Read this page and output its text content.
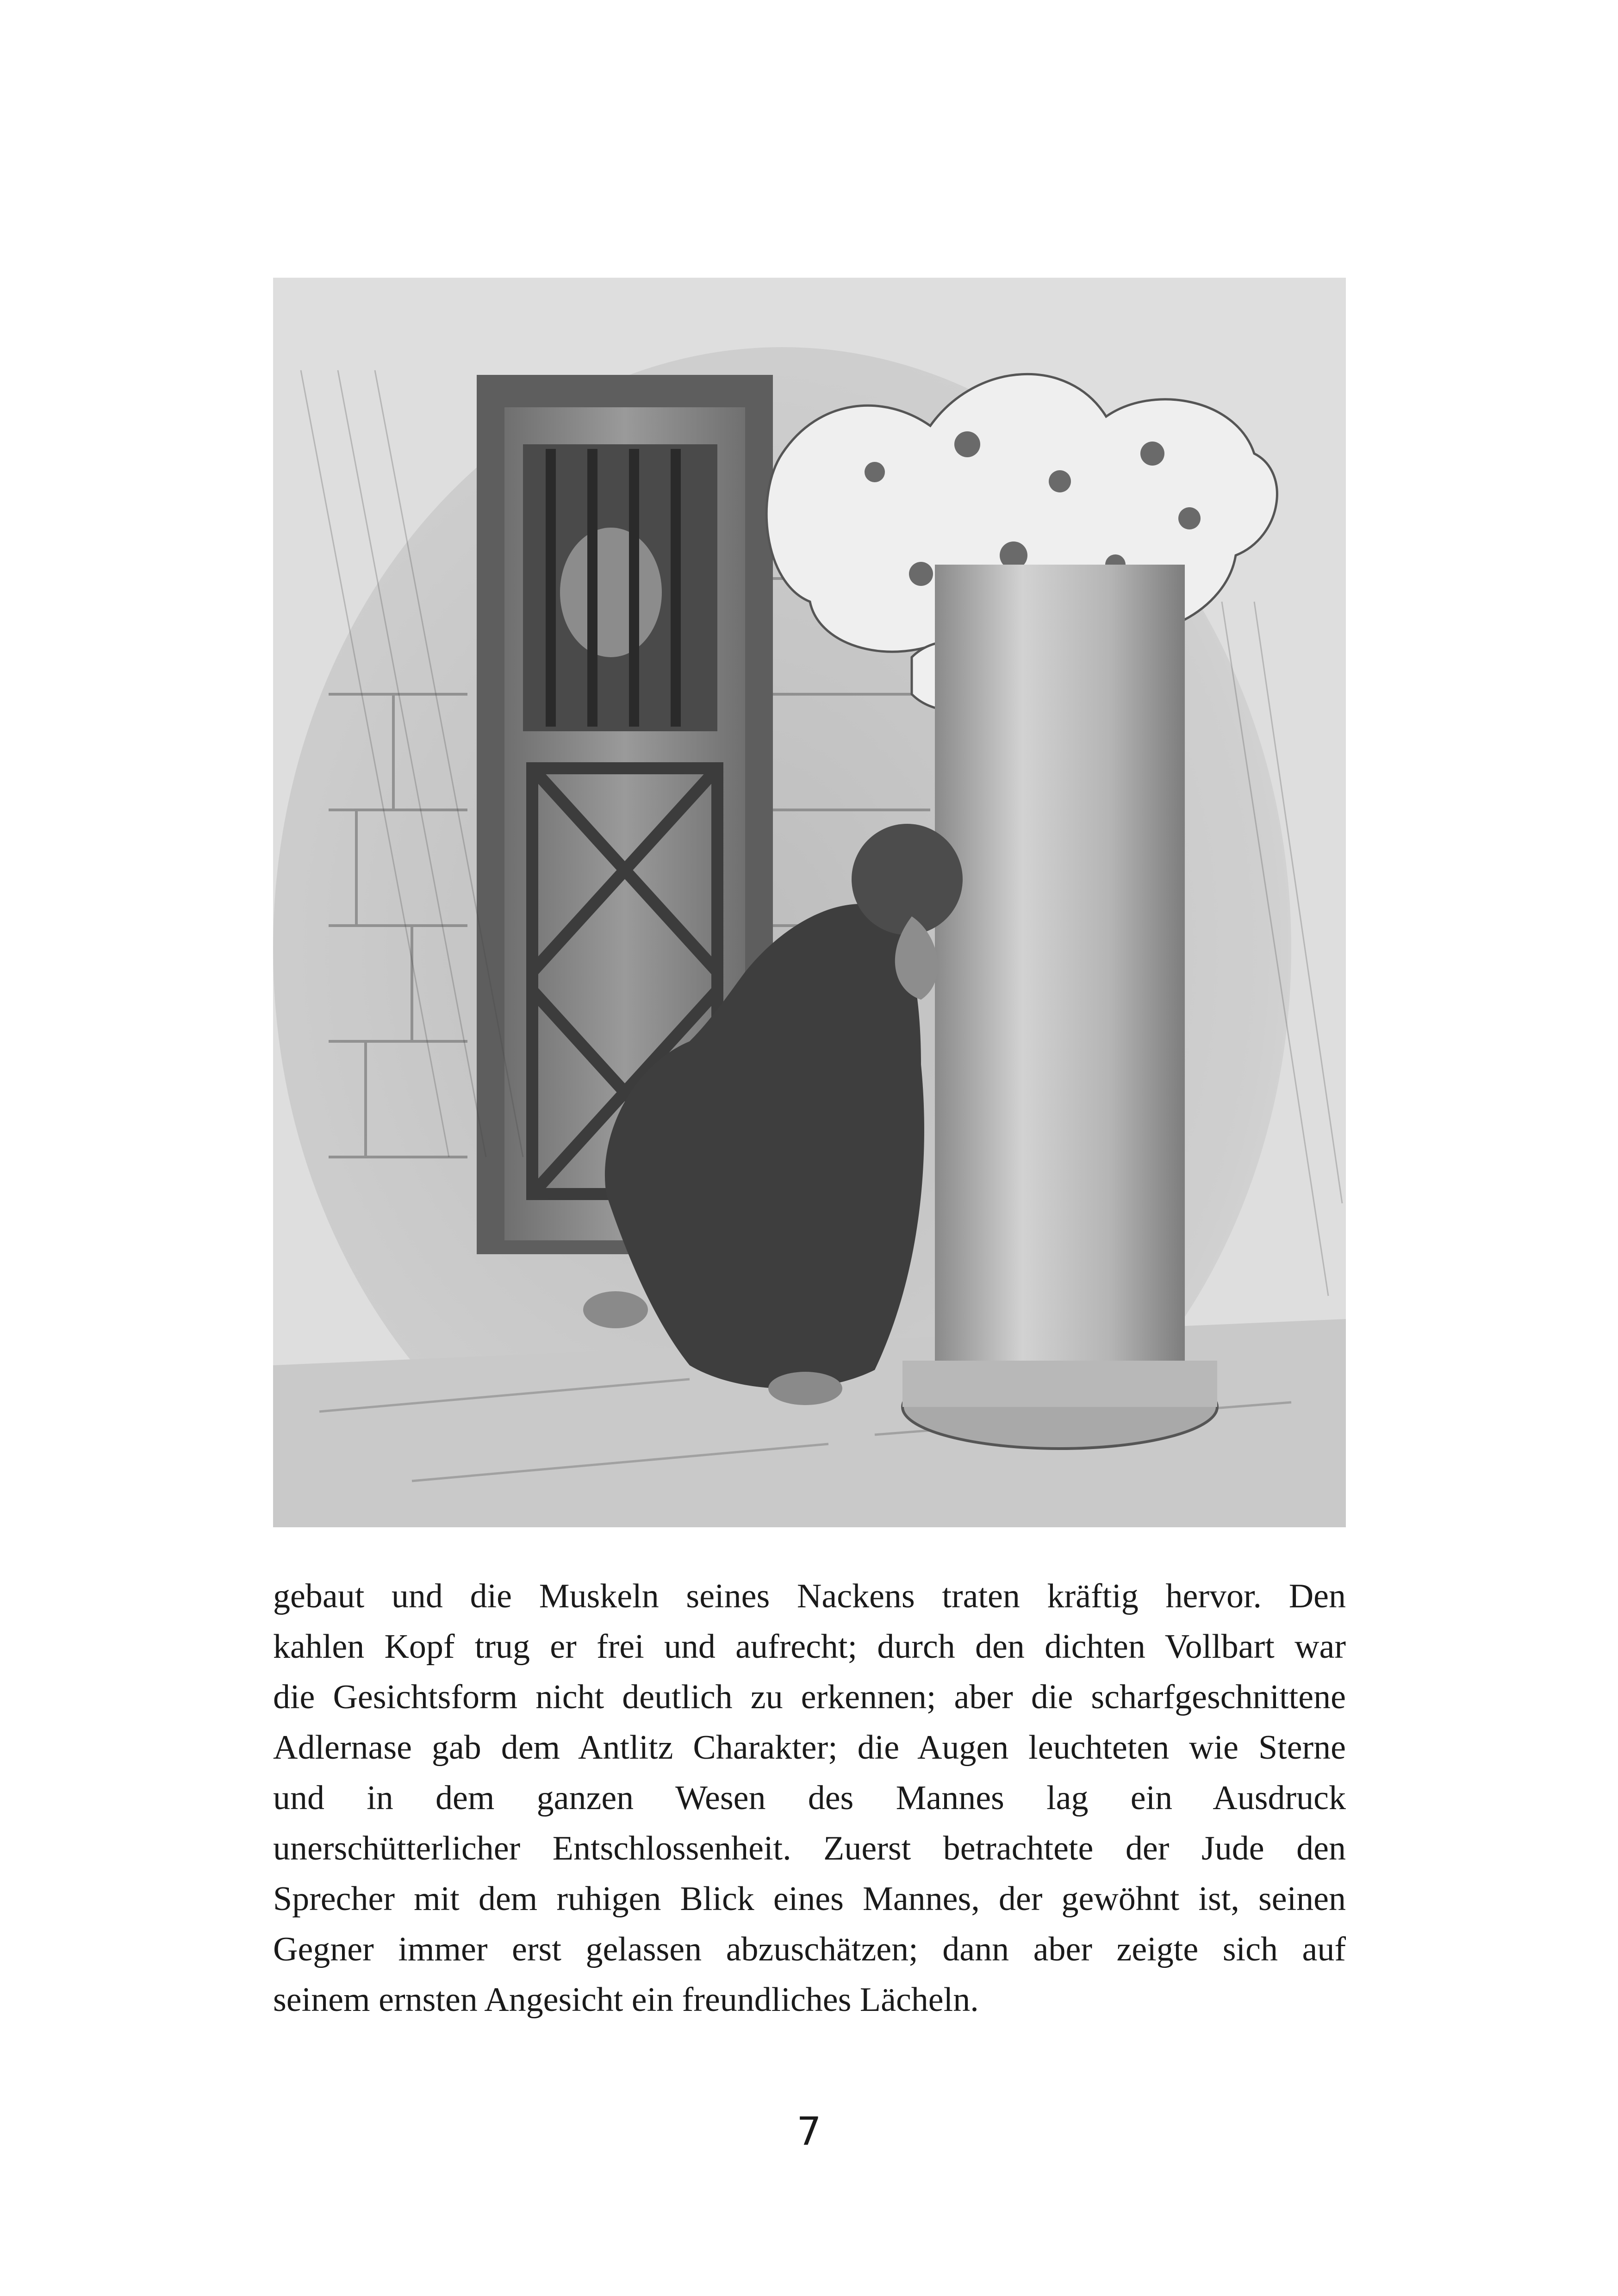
gebaut und die Muskeln seines Nackens traten kräftig hervor. Den
kahlen Kopf trug er frei und aufrecht; durch den dichten Vollbart war
die Gesichtsform nicht deutlich zu erkennen; aber die scharfgeschnittene
Adlernase gab dem Antlitz Charakter; die Augen leuchteten wie Sterne
und in dem ganzen Wesen des Mannes lag ein Ausdruck
unerschütterlicher Entschlossenheit. Zuerst betrachtete der Jude den
Sprecher mit dem ruhigen Blick eines Mannes, der gewöhnt ist, seinen
Gegner immer erst gelassen abzuschätzen; dann aber zeigte sich auf
seinem ernsten Angesicht ein freundliches Lächeln.
7
